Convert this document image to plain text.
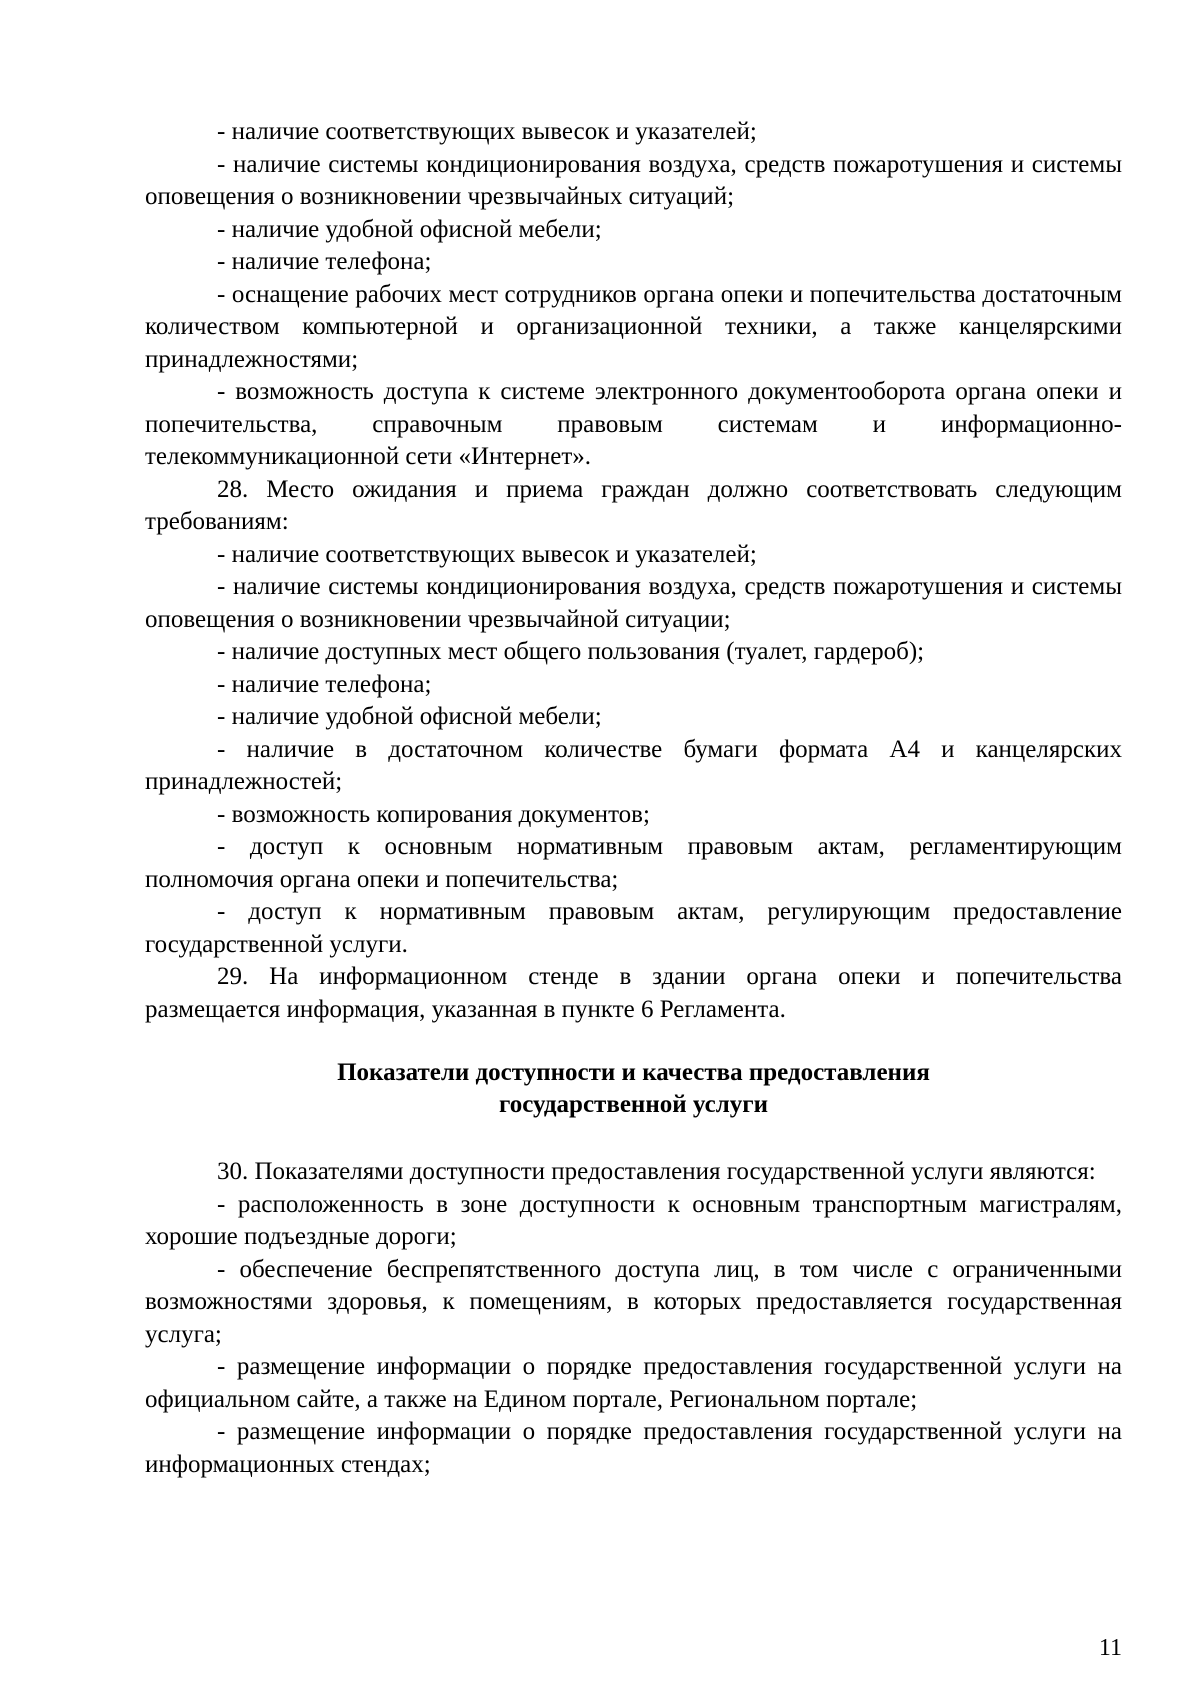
- наличие соответствующих вывесок и указателей;

- наличие системы кондиционирования воздуха, средств пожаротушения и системы оповещения о возникновении чрезвычайных ситуаций;

- наличие удобной офисной мебели;

- наличие телефона;

- оснащение рабочих мест сотрудников органа опеки и попечительства достаточным количеством компьютерной и организационной техники, а также канцелярскими принадлежностями;

- возможность доступа к системе электронного документооборота органа опеки и попечительства, справочным правовым системам и информационно-телекоммуникационной сети «Интернет».

28. Место ожидания и приема граждан должно соответствовать следующим требованиям:

- наличие соответствующих вывесок и указателей;

- наличие системы кондиционирования воздуха, средств пожаротушения и системы оповещения о возникновении чрезвычайной ситуации;

- наличие доступных мест общего пользования (туалет, гардероб);

- наличие телефона;

- наличие удобной офисной мебели;

- наличие в достаточном количестве бумаги формата А4 и канцелярских принадлежностей;

- возможность копирования документов;

- доступ к основным нормативным правовым актам, регламентирующим полномочия органа опеки и попечительства;

- доступ к нормативным правовым актам, регулирующим предоставление государственной услуги.

29. На информационном стенде в здании органа опеки и попечительства размещается информация, указанная в пункте 6 Регламента.

Показатели доступности и качества предоставления
государственной услуги

30. Показателями доступности предоставления государственной услуги являются:

- расположенность в зоне доступности к основным транспортным магистралям, хорошие подъездные дороги;

- обеспечение беспрепятственного доступа лиц, в том числе с ограниченными возможностями здоровья, к помещениям, в которых предоставляется государственная услуга;

- размещение информации о порядке предоставления государственной услуги на официальном сайте, а также на Едином портале, Региональном портале;

- размещение информации о порядке предоставления государственной услуги на информационных стендах;

11
